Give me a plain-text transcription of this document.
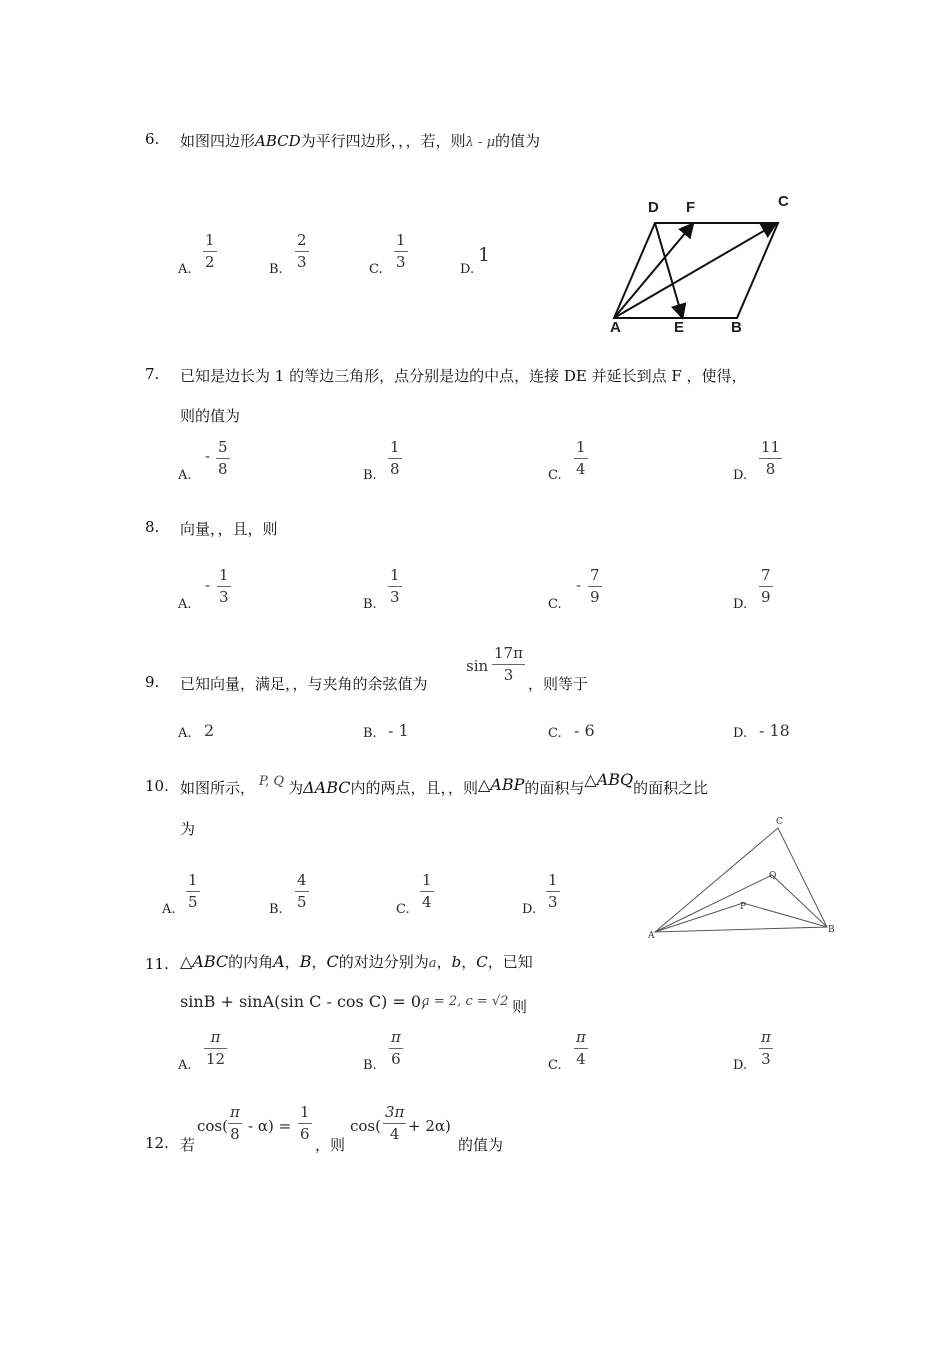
6. 如图四边形ABCD为平行四边形，，，若，则λ - μ的值为
A.
1
2	B.
2
3	C.
1
3	D.
1
D F	C
A	E	B
7. 已知是边长为 1 的等边三角形，点分别是边的中点，连接 DE 并延长到点 F ，使得，
则的值为
A.
- 5
8	B.
1
8	C.
1
4	D.
11
8
8. 向量，，且，则
A.
-
1
3	B.
1
3	C.
-
7
9	D.
7
9
9. 已知向量，满足，，与夹角的余弦值为
sin
17π
3 ，则等于
A. 2	B. - 1	C. - 6	D. - 18
10. 如图所示， P, Q 为ΔABC内的两点，且，，则△ABP的面积与△ABQ的面积之比
为
A.
1
5	B.
4
5	C.
1
4	D.
1
3
C
Q
P
A
B
11. △ABC的内角A，B，C的对边分别为a，b，C，已知
sinB + sinA(sin C - cos C) = 0,
a = 2, c = √2 则
A.
π
12	B.
π
6	C.
π
4	D.
π
3
12. 若
cos(
π
8 - α) =
1
6
，则
cos(
3π
4 + 2α)
的值为
